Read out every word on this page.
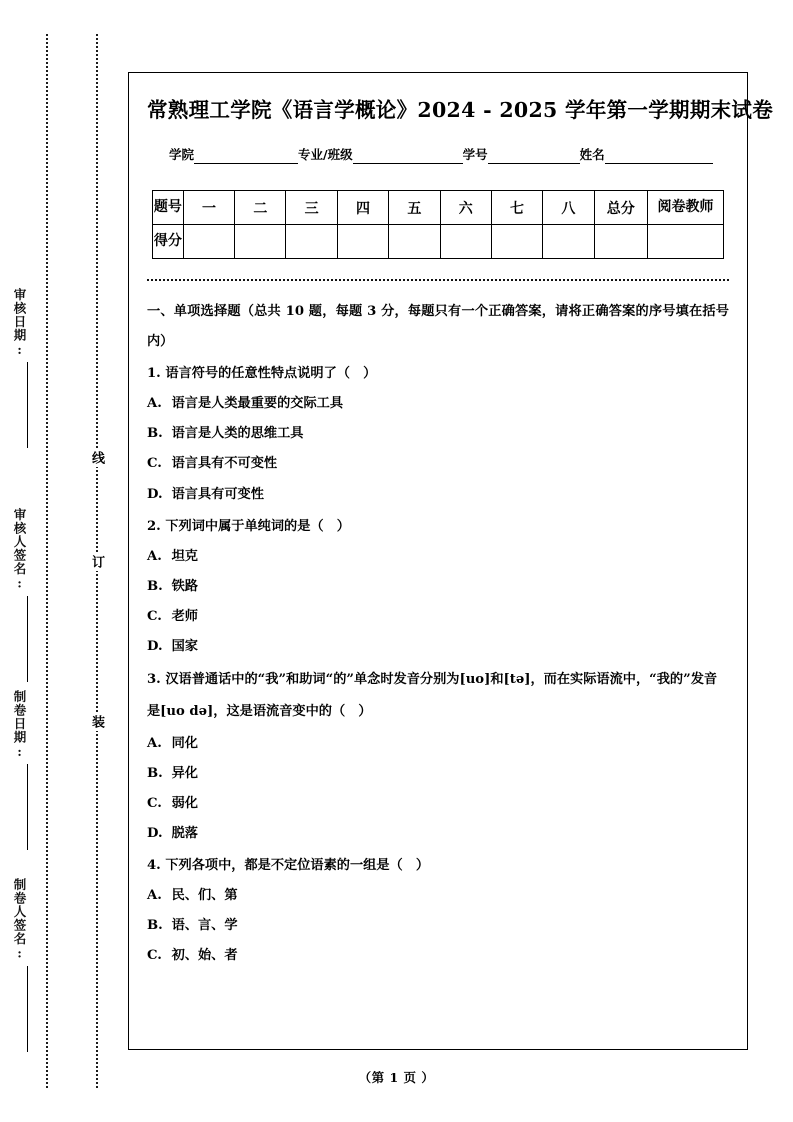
审核日期:
审核人签名:
制卷日期:
制卷人签名:
线
订
装
常熟理工学院《语言学概论》2024 - 2025 学年第一学期期末试卷
学院	专业/班级	学号	姓名
题号	一	二	三	四	五	六	七	八	总分	阅卷教师
得分										
一、单项选择题（总共 10 题，每题 3 分，每题只有一个正确答案，请将正确答案的序号填在括号内）
1. 语言符号的任意性特点说明了（　）
A. 语言是人类最重要的交际工具
B. 语言是人类的思维工具
C. 语言具有不可变性
D. 语言具有可变性
2. 下列词中属于单纯词的是（　）
A. 坦克
B. 铁路
C. 老师
D. 国家
3. 汉语普通话中的“我”和助词“的”单念时发音分别为[uo]和[tə]，而在实际语流中，“我的”发音是[uo də]，这是语流音变中的（　）
A. 同化
B. 异化
C. 弱化
D. 脱落
4. 下列各项中，都是不定位语素的一组是（　）
A. 民、们、第
B. 语、言、学
C. 初、始、者
（第 1 页 ）
